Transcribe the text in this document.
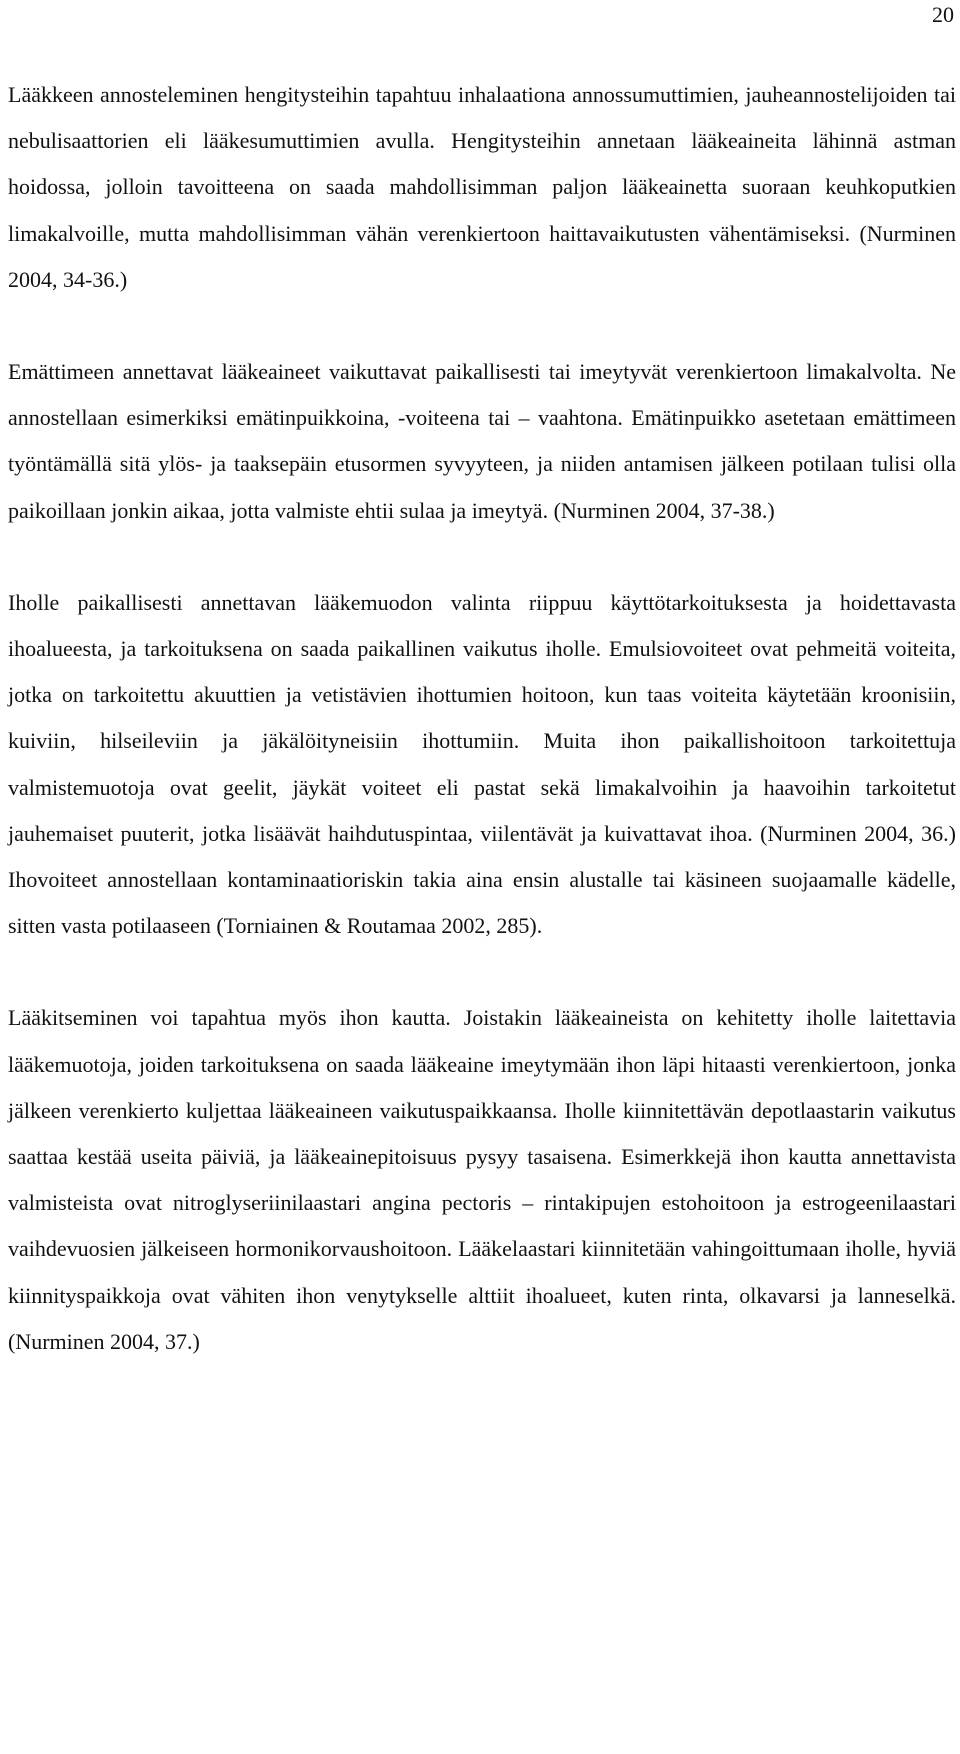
20

Lääkkeen annosteleminen hengitysteihin tapahtuu inhalaationa annossumuttimien, jauheannostelijoiden tai nebulisaattorien eli lääkesumuttimien avulla. Hengitysteihin annetaan lääkeaineita lähinnä astman hoidossa, jolloin tavoitteena on saada mahdollisimman paljon lääkeainetta suoraan keuhkoputkien limakalvoille, mutta mahdollisimman vähän verenkiertoon haittavaikutusten vähentämiseksi. (Nurminen 2004, 34-36.)

Emättimeen annettavat lääkeaineet vaikuttavat paikallisesti tai imeytyvät verenkiertoon limakalvolta. Ne annostellaan esimerkiksi emätinpuikkoina, -voiteena tai – vaahtona. Emätinpuikko asetetaan emättimeen työntämällä sitä ylös- ja taaksepäin etusormen syvyyteen, ja niiden antamisen jälkeen potilaan tulisi olla paikoillaan jonkin aikaa, jotta valmiste ehtii sulaa ja imeytyä. (Nurminen 2004, 37-38.)

Iholle paikallisesti annettavan lääkemuodon valinta riippuu käyttötarkoituksesta ja hoidettavasta ihoalueesta, ja tarkoituksena on saada paikallinen vaikutus iholle. Emulsiovoiteet ovat pehmeitä voiteita, jotka on tarkoitettu akuuttien ja vetistävien ihottumien hoitoon, kun taas voiteita käytetään kroonisiin, kuiviin, hilseileviin ja jäkälöityneisiin ihottumiin. Muita ihon paikallishoitoon tarkoitettuja valmistemuotoja ovat geelit, jäykät voiteet eli pastat sekä limakalvoihin ja haavoihin tarkoitetut jauhemaiset puuterit, jotka lisäävät haihdutuspintaa, viilentävät ja kuivattavat ihoa. (Nurminen 2004, 36.) Ihovoiteet annostellaan kontaminaatioriskin takia aina ensin alustalle tai käsineen suojaamalle kädelle, sitten vasta potilaaseen (Torniainen & Routamaa 2002, 285).

Lääkitseminen voi tapahtua myös ihon kautta. Joistakin lääkeaineista on kehitetty iholle laitettavia lääkemuotoja, joiden tarkoituksena on saada lääkeaine imeytymään ihon läpi hitaasti verenkiertoon, jonka jälkeen verenkierto kuljettaa lääkeaineen vaikutuspaikkaansa. Iholle kiinnitettävän depotlaastarin vaikutus saattaa kestää useita päiviä, ja lääkeainepitoisuus pysyy tasaisena. Esimerkkejä ihon kautta annettavista valmisteista ovat nitroglyseriinilaastari angina pectoris – rintakipujen estohoitoon ja estrogeenilaastari vaihdevuosien jälkeiseen hormonikorvaushoitoon. Lääkelaastari kiinnitetään vahingoittumaan iholle, hyviä kiinnityspaikkoja ovat vähiten ihon venytykselle alttiit ihoalueet, kuten rinta, olkavarsi ja lanneselkä. (Nurminen 2004, 37.)
